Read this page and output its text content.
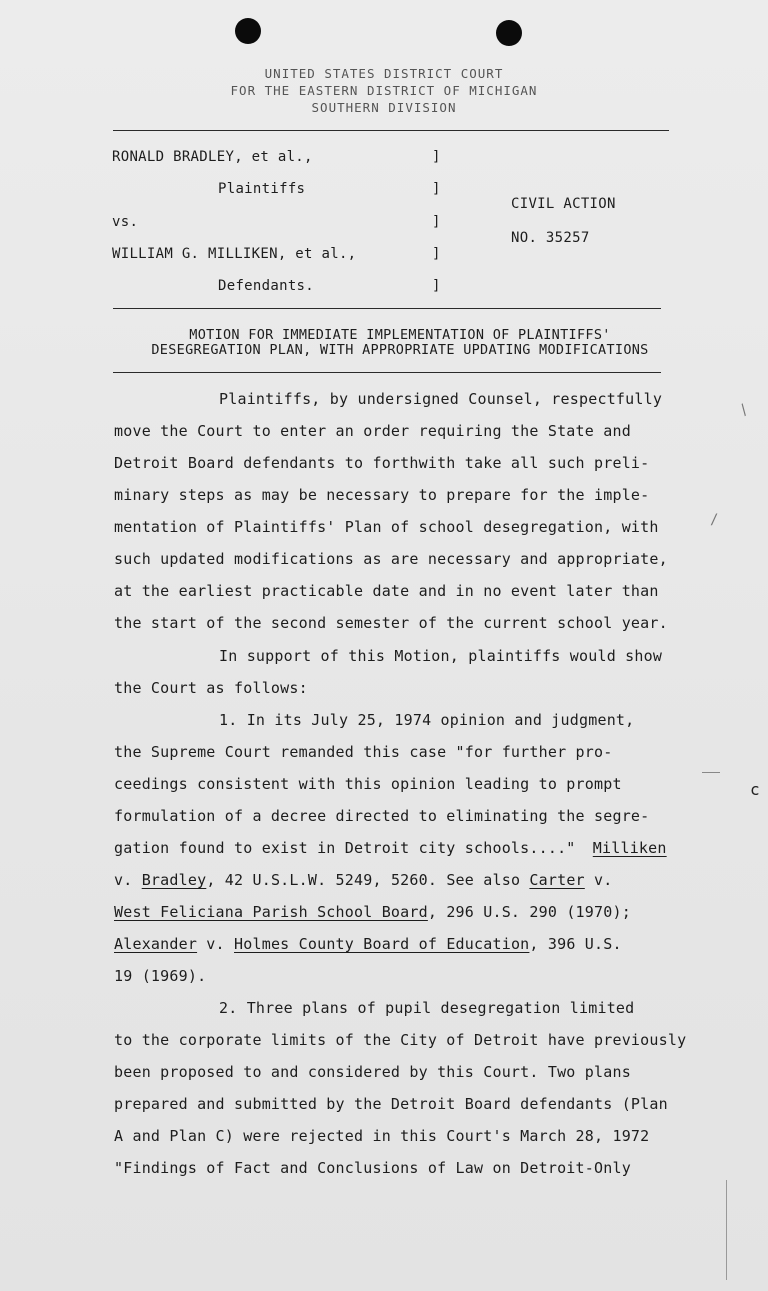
UNITED STATES DISTRICT COURT
FOR THE EASTERN DISTRICT OF MICHIGAN
SOUTHERN DIVISION
RONALD BRADLEY, et al.,
Plaintiffs
vs.
WILLIAM G. MILLIKEN, et al.,
Defendants.
]
]
]
]
]
CIVIL ACTION
NO. 35257
MOTION FOR IMMEDIATE IMPLEMENTATION OF PLAINTIFFS'
DESEGREGATION PLAN, WITH APPROPRIATE UPDATING MODIFICATIONS
Plaintiffs, by undersigned Counsel, respectfully
move the Court to enter an order requiring the State and
Detroit Board defendants to forthwith take all such preli-
minary steps as may be necessary to prepare for the imple-
mentation of Plaintiffs' Plan of school desegregation, with
such updated modifications as are necessary and appropriate,
at the earliest practicable date and in no event later than
the start of the second semester of the current school year.
In support of this Motion, plaintiffs would show
the Court as follows:
1. In its July 25, 1974 opinion and judgment,
the Supreme Court remanded this case "for further pro-
ceedings consistent with this opinion leading to prompt
formulation of a decree directed to eliminating the segre-
gation found to exist in Detroit city schools...." Milliken
v. Bradley, 42 U.S.L.W. 5249, 5260. See also Carter v.
West Feliciana Parish School Board, 296 U.S. 290 (1970);
Alexander v. Holmes County Board of Education, 396 U.S.
19 (1969).
2. Three plans of pupil desegregation limited
to the corporate limits of the City of Detroit have previously
been proposed to and considered by this Court. Two plans
prepared and submitted by the Detroit Board defendants (Plan
A and Plan C) were rejected in this Court's March 28, 1972
"Findings of Fact and Conclusions of Law on Detroit-Only
/
/
c
